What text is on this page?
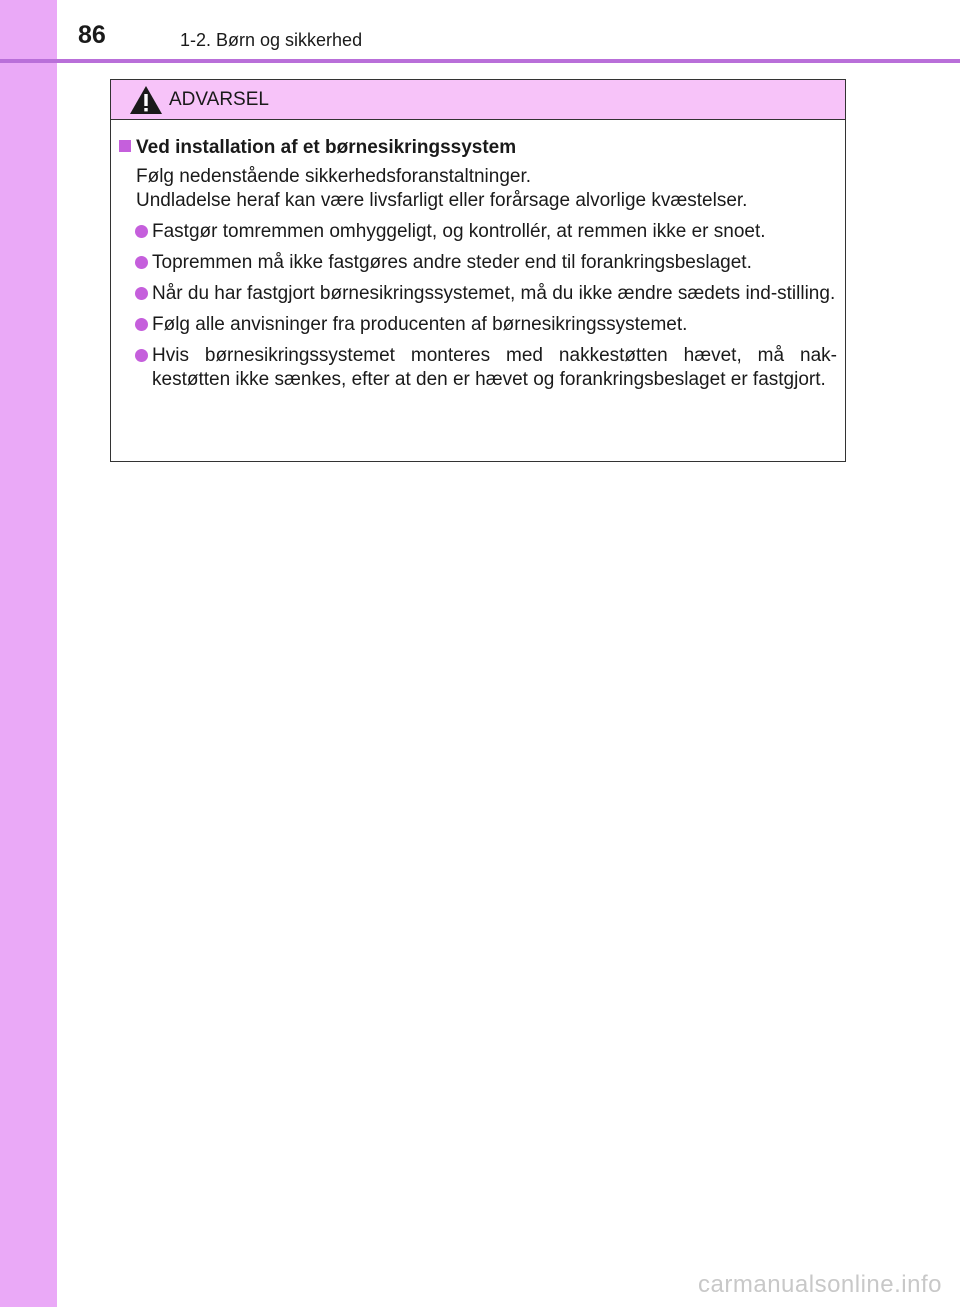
86	1-2. Børn og sikkerhed
ADVARSEL
Ved installation af et børnesikringssystem
Følg nedenstående sikkerhedsforanstaltninger.
Undladelse heraf kan være livsfarligt eller forårsage alvorlige kvæstelser.
Fastgør tomremmen omhyggeligt, og kontrollér, at remmen ikke er snoet.
Topremmen må ikke fastgøres andre steder end til forankringsbeslaget.
Når du har fastgjort børnesikringssystemet, må du ikke ændre sædets ind-stilling.
Følg alle anvisninger fra producenten af børnesikringssystemet.
Hvis børnesikringssystemet monteres med nakkestøtten hævet, må nak-kestøtten ikke sænkes, efter at den er hævet og forankringsbeslaget er fastgjort.
carmanualsonline.info
